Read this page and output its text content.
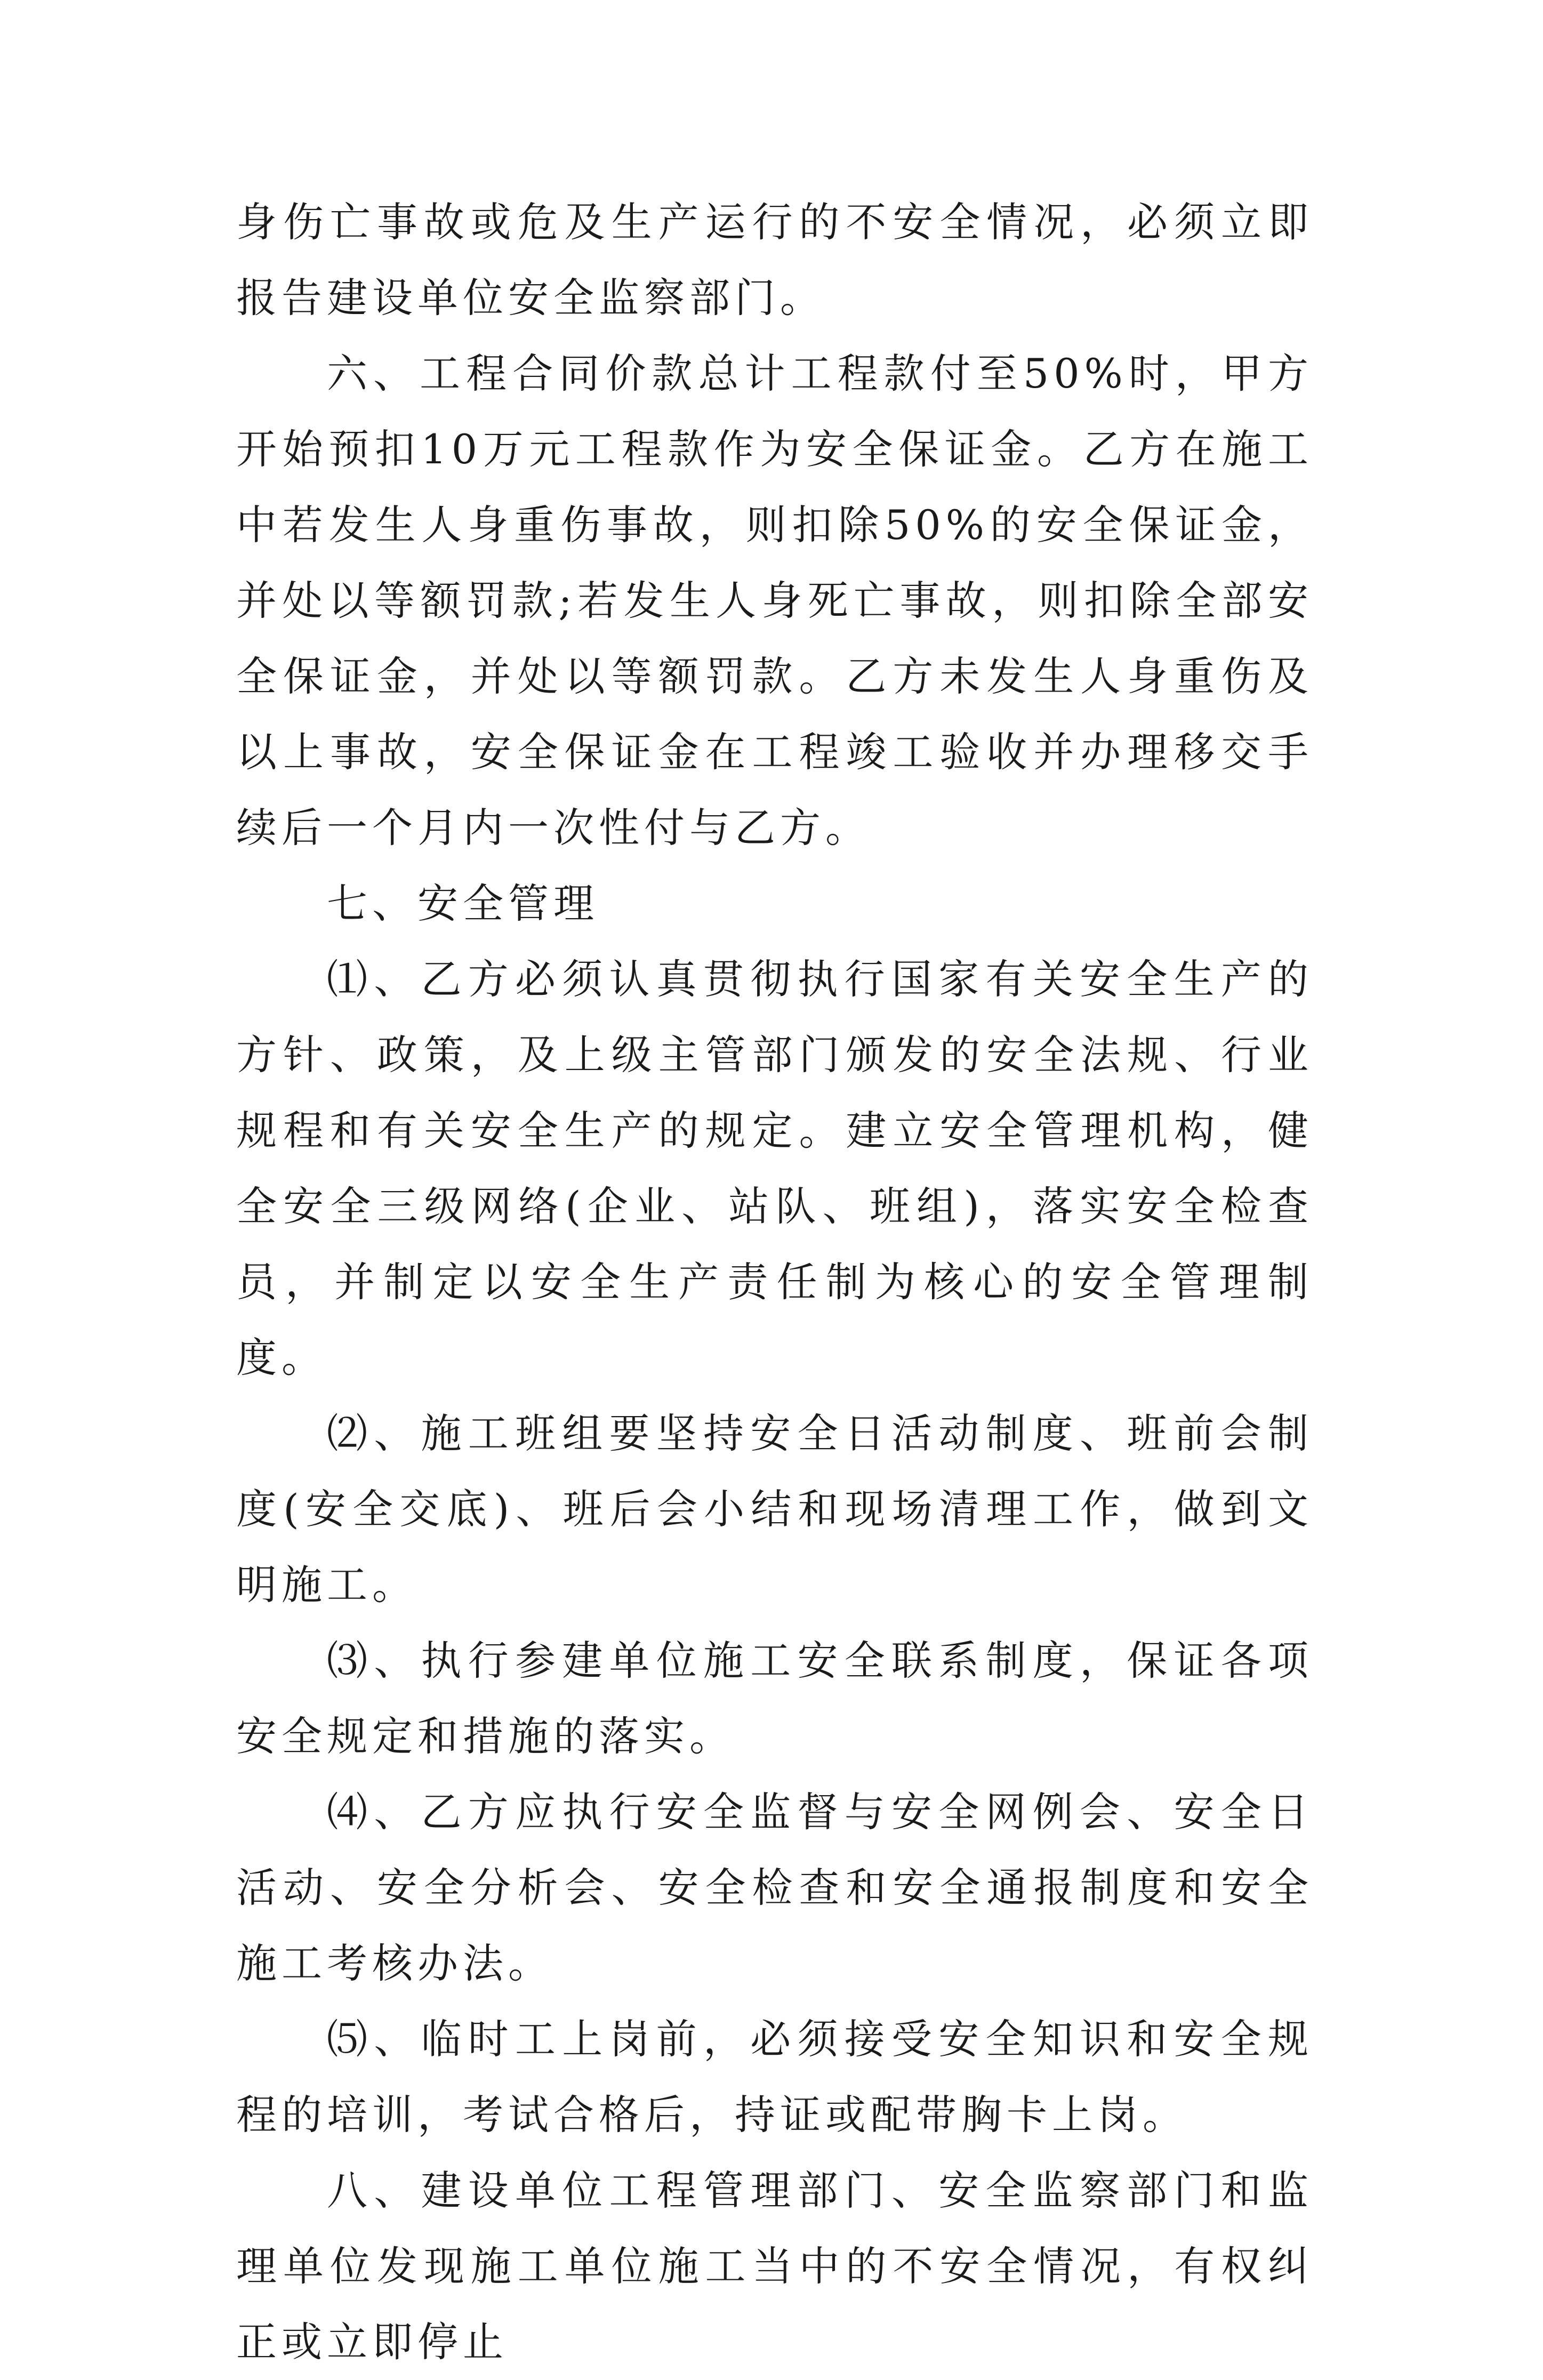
身伤亡事故或危及生产运行的不安全情况，必须立即报告建设单位安全监察部门。

六、工程合同价款总计工程款付至50%时，甲方开始预扣10万元工程款作为安全保证金。乙方在施工中若发生人身重伤事故，则扣除50%的安全保证金，并处以等额罚款;若发生人身死亡事故，则扣除全部安全保证金，并处以等额罚款。乙方未发生人身重伤及以上事故，安全保证金在工程竣工验收并办理移交手续后一个月内一次性付与乙方。

七、安全管理

⑴、乙方必须认真贯彻执行国家有关安全生产的方针、政策，及上级主管部门颁发的安全法规、行业规程和有关安全生产的规定。建立安全管理机构，健全安全三级网络(企业、站队、班组)，落实安全检查员，并制定以安全生产责任制为核心的安全管理制度。

⑵、施工班组要坚持安全日活动制度、班前会制度(安全交底)、班后会小结和现场清理工作，做到文明施工。

⑶、执行参建单位施工安全联系制度，保证各项安全规定和措施的落实。

⑷、乙方应执行安全监督与安全网例会、安全日活动、安全分析会、安全检查和安全通报制度和安全施工考核办法。

⑸、临时工上岗前，必须接受安全知识和安全规程的培训，考试合格后，持证或配带胸卡上岗。

八、建设单位工程管理部门、安全监察部门和监理单位发现施工单位施工当中的不安全情况，有权纠正或立即停止
